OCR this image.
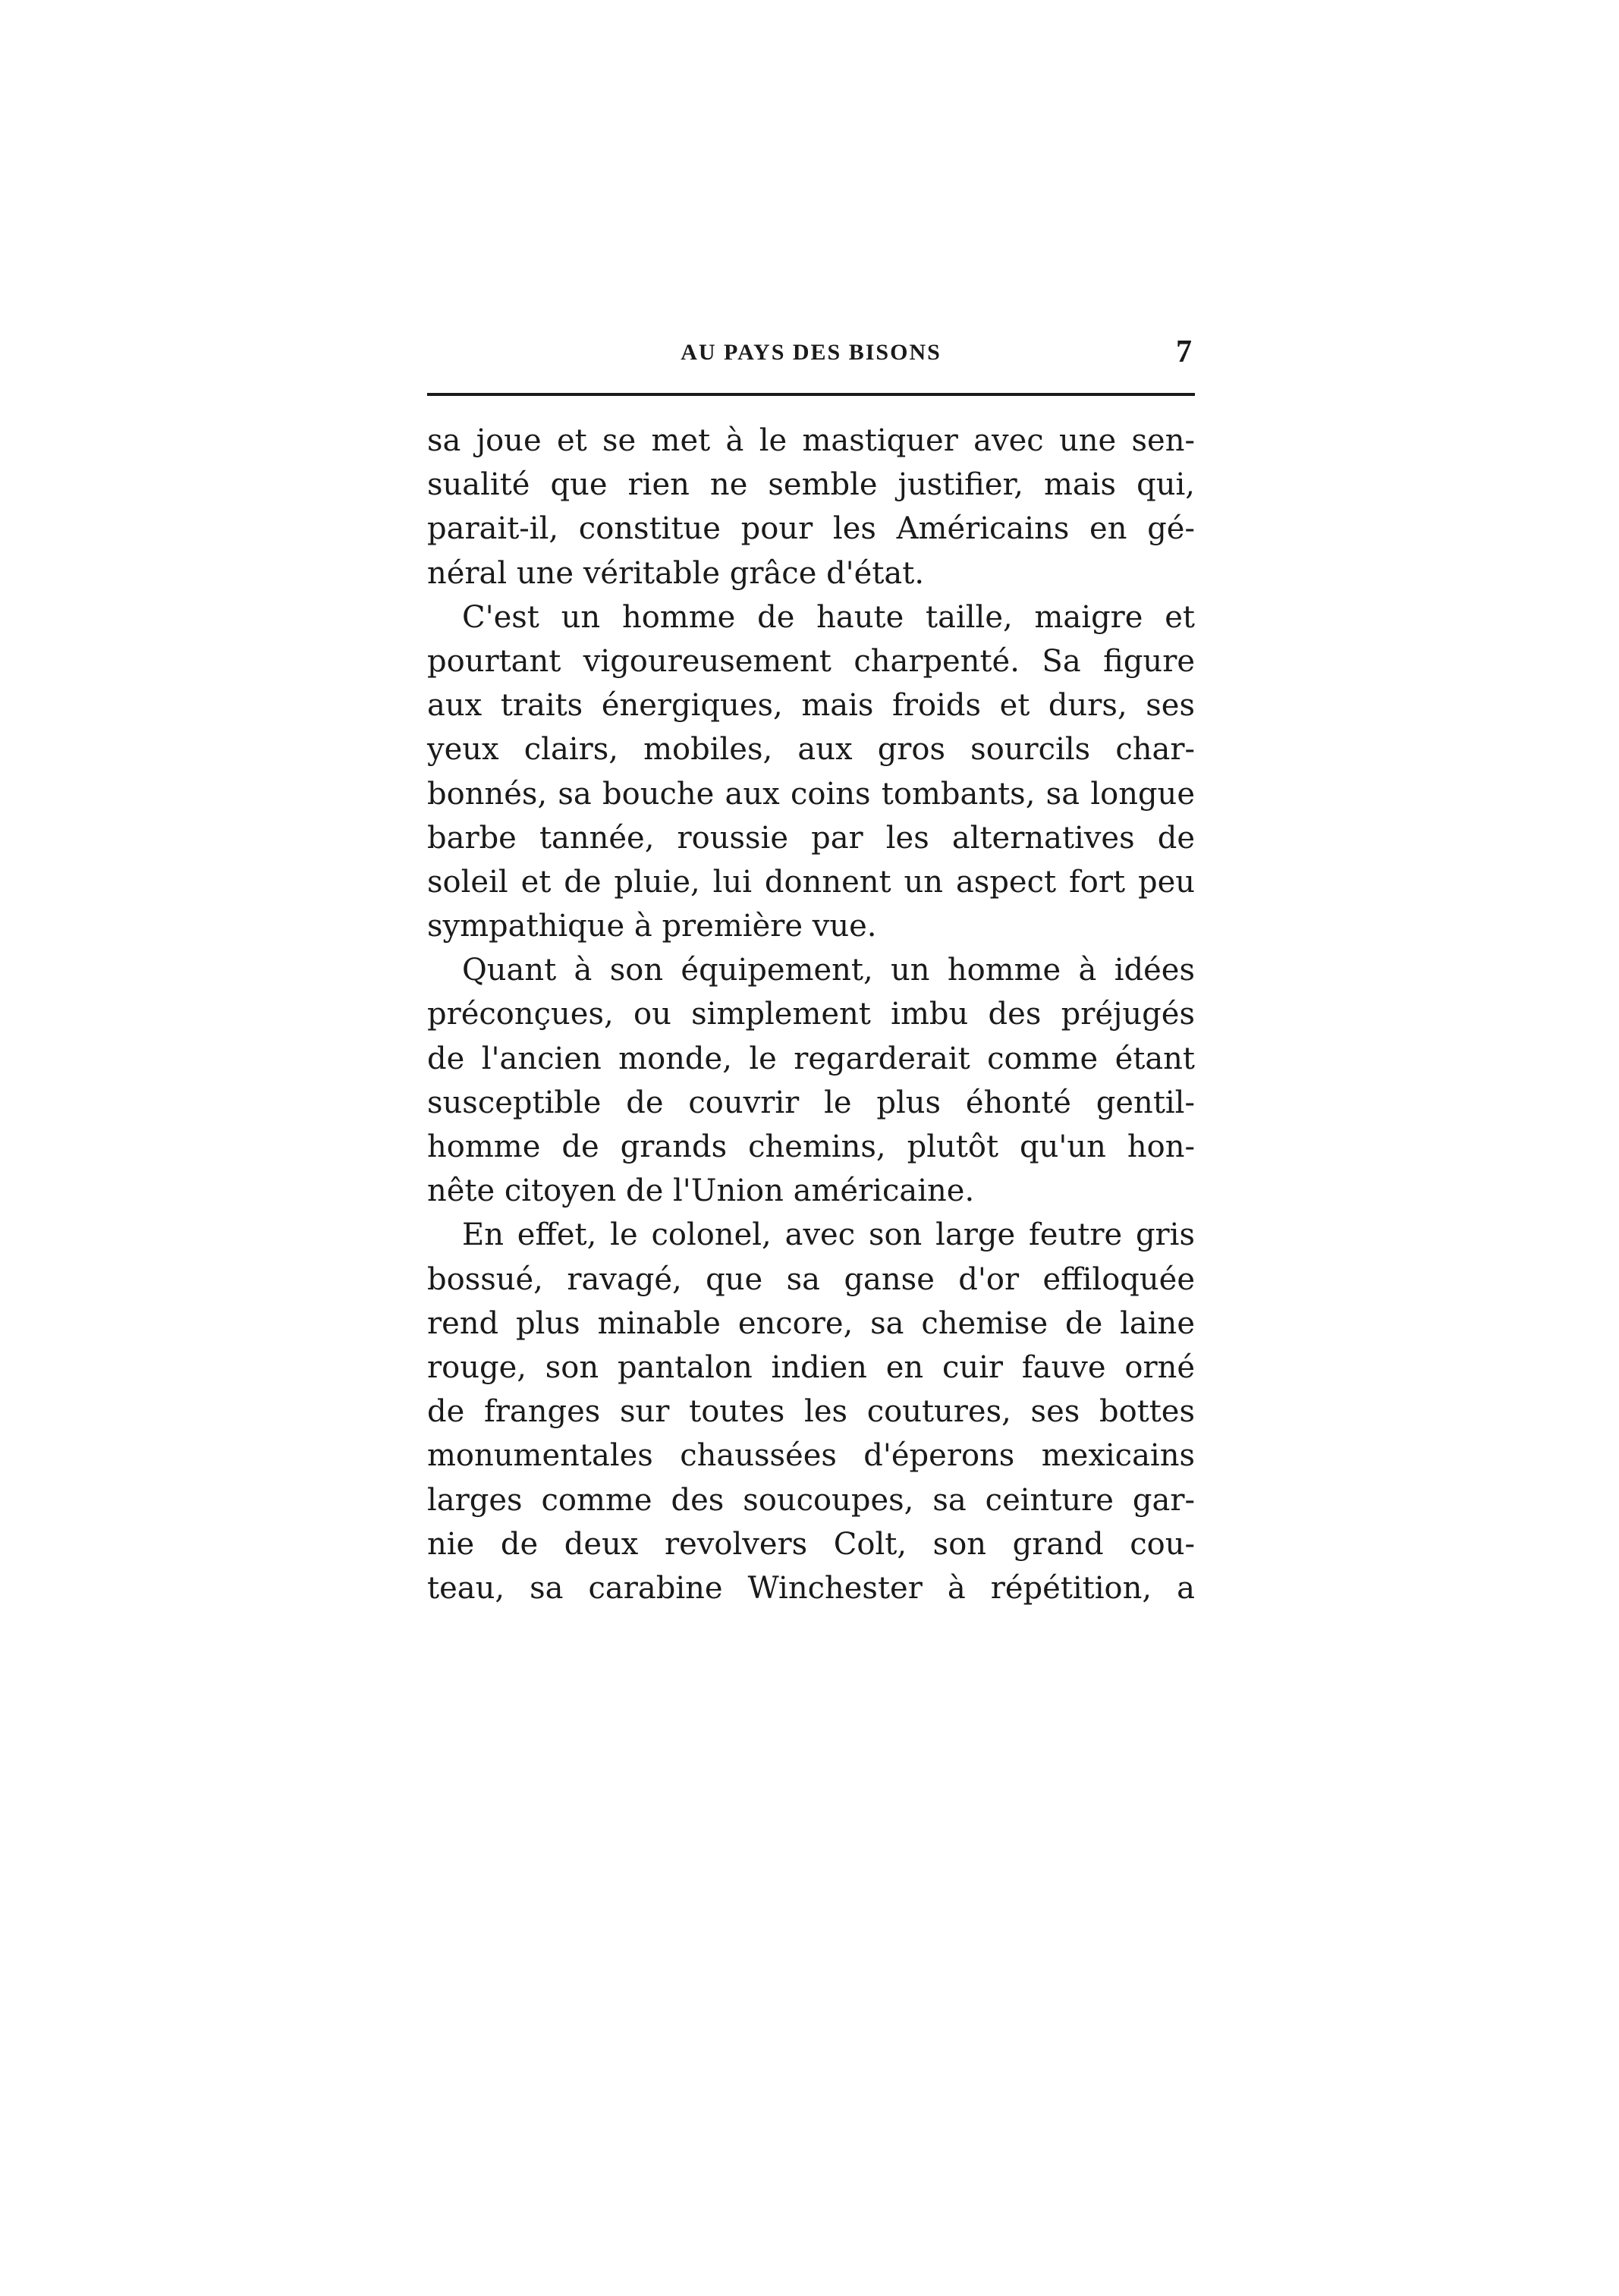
AU PAYS DES BISONS	7
sa joue et se met à le mastiquer avec une sen-
sualité que rien ne semble justifier, mais qui,
parait-il, constitue pour les Américains en gé-
néral une véritable grâce d'état.
C'est un homme de haute taille, maigre et
pourtant vigoureusement charpenté. Sa figure
aux traits énergiques, mais froids et durs, ses
yeux clairs, mobiles, aux gros sourcils char-
bonnés, sa bouche aux coins tombants, sa longue
barbe tannée, roussie par les alternatives de
soleil et de pluie, lui donnent un aspect fort peu
sympathique à première vue.
Quant à son équipement, un homme à idées
préconçues, ou simplement imbu des préjugés
de l'ancien monde, le regarderait comme étant
susceptible de couvrir le plus éhonté gentil-
homme de grands chemins, plutôt qu'un hon-
nête citoyen de l'Union américaine.
En effet, le colonel, avec son large feutre gris
bossué, ravagé, que sa ganse d'or effiloquée
rend plus minable encore, sa chemise de laine
rouge, son pantalon indien en cuir fauve orné
de franges sur toutes les coutures, ses bottes
monumentales chaussées d'éperons mexicains
larges comme des soucoupes, sa ceinture gar-
nie de deux revolvers Colt, son grand cou-
teau, sa carabine Winchester à répétition, a
